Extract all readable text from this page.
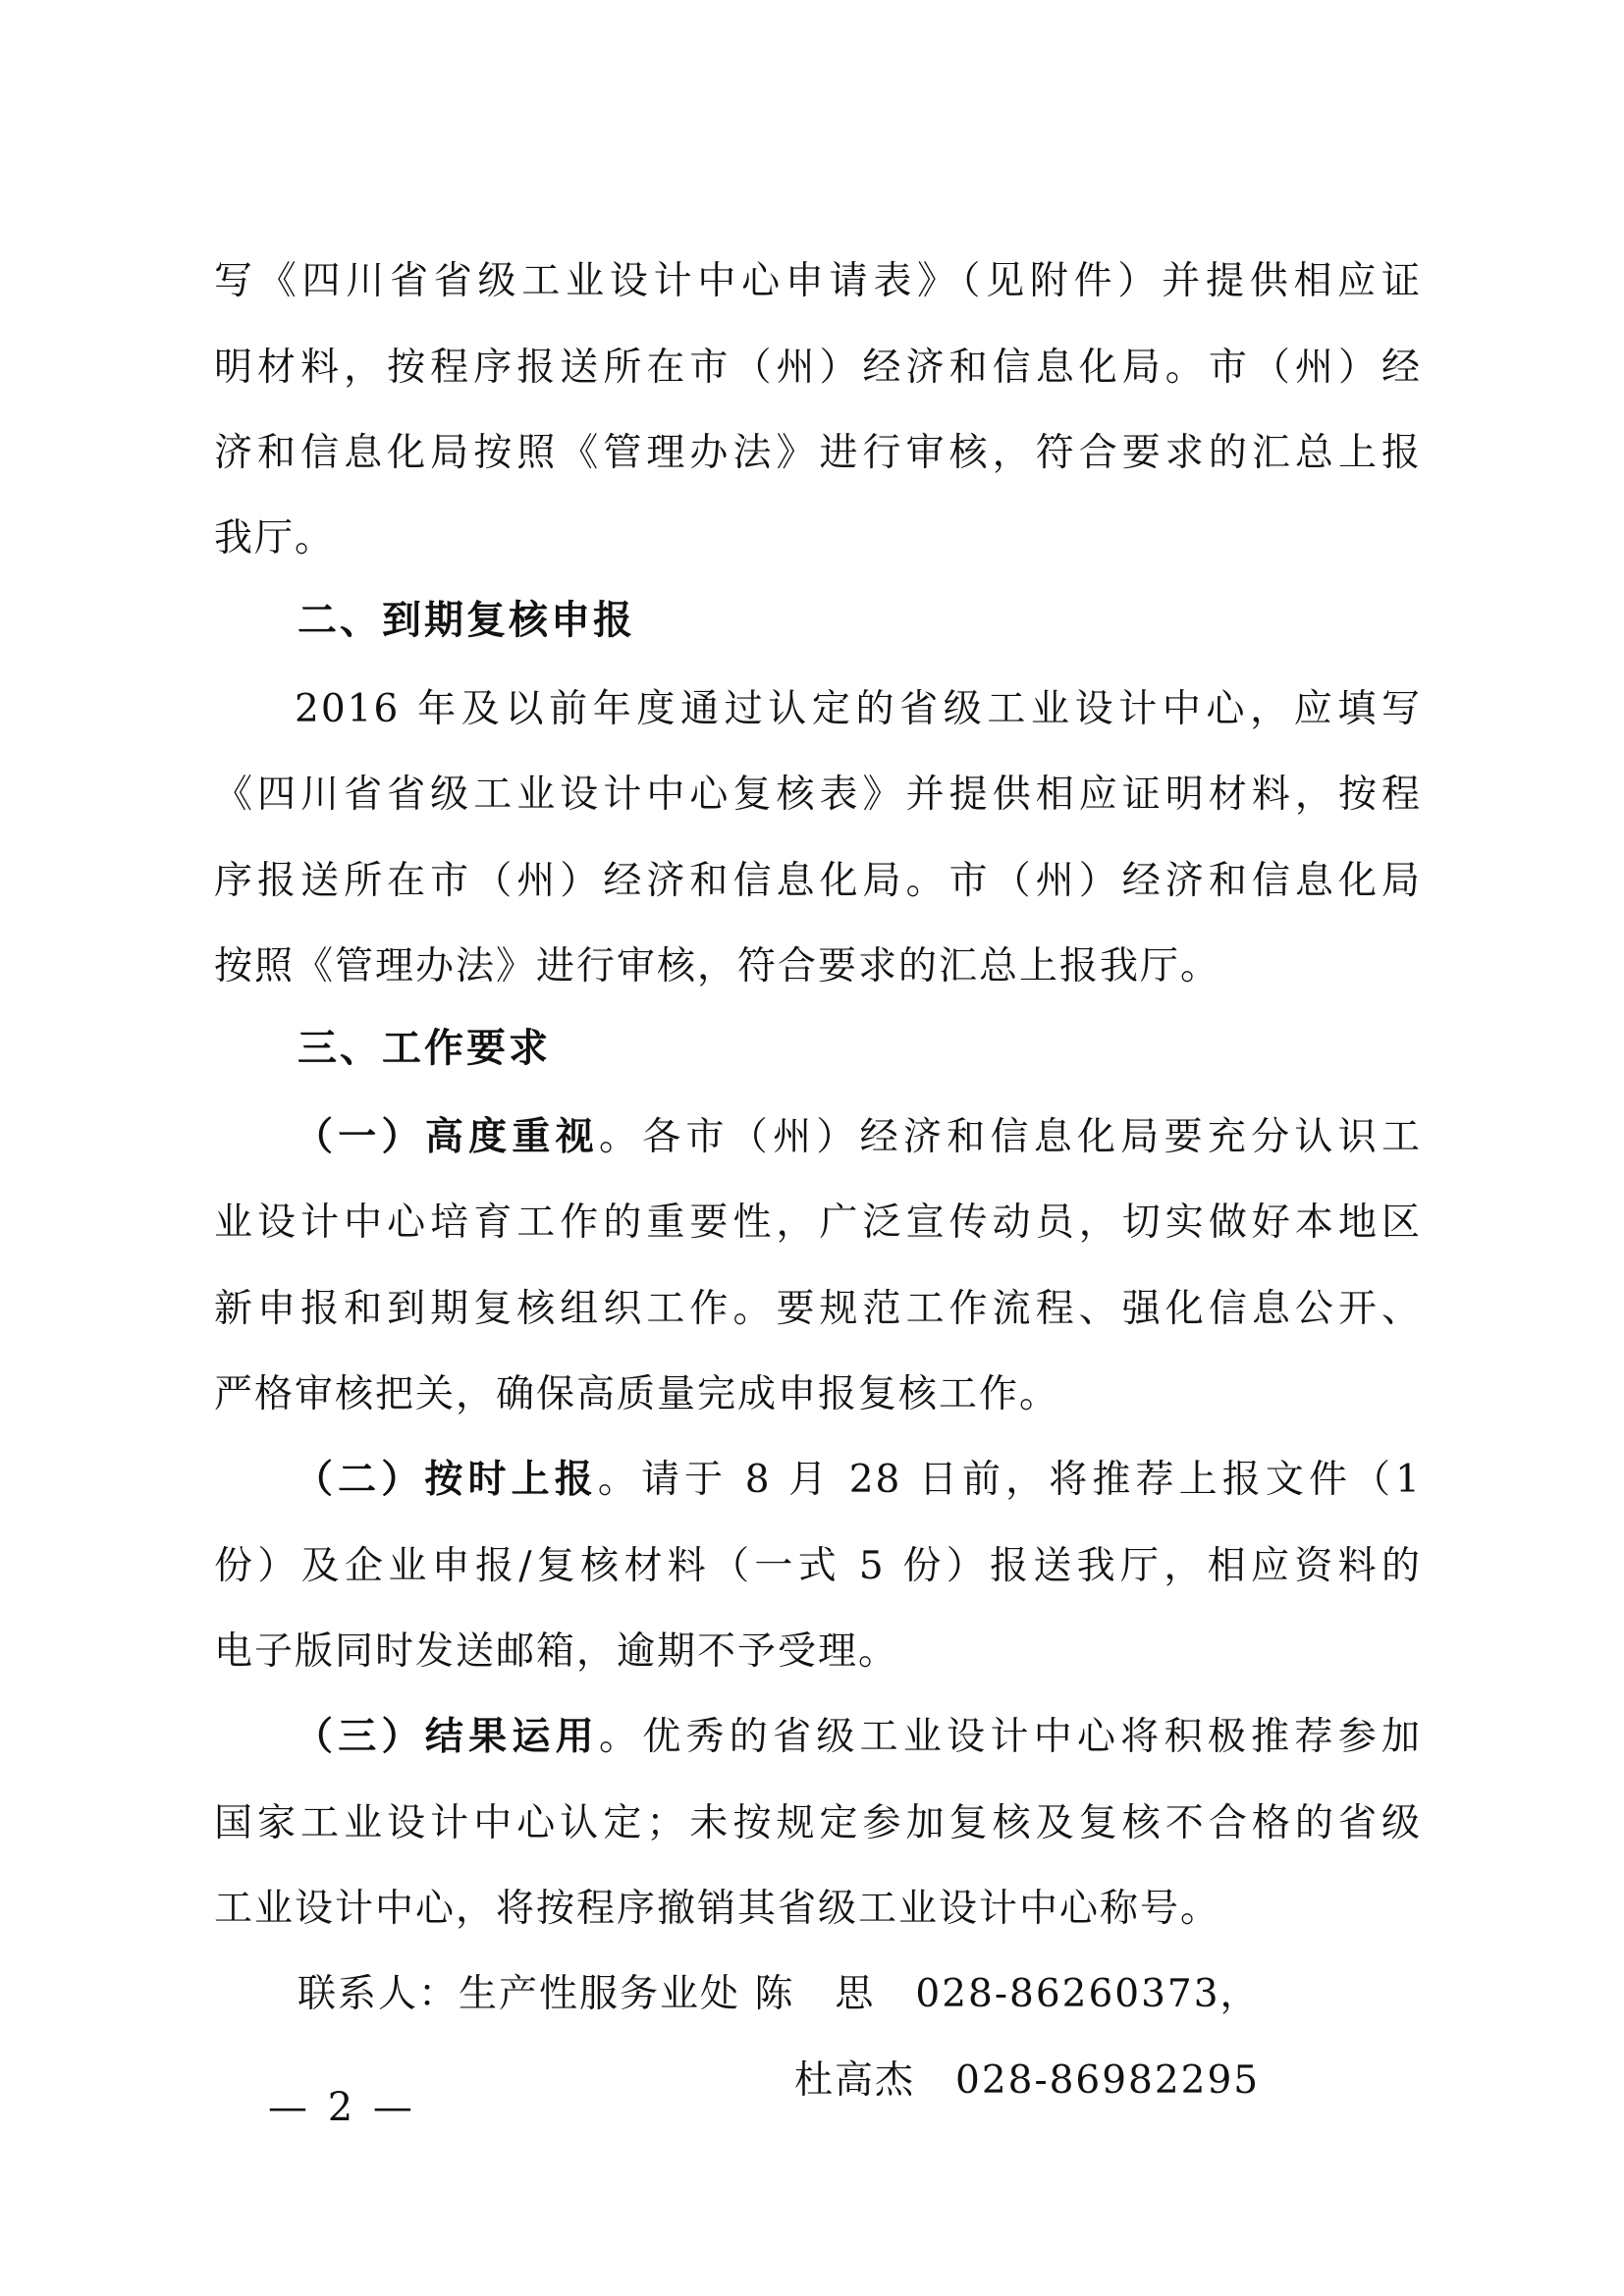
写《四川省省级工业设计中心申请表》（见附件）并提供相应证
明材料，按程序报送所在市（州）经济和信息化局。市（州）经
济和信息化局按照《管理办法》进行审核，符合要求的汇总上报
我厅。
二、到期复核申报
2016 年及以前年度通过认定的省级工业设计中心，应填写
《四川省省级工业设计中心复核表》并提供相应证明材料，按程
序报送所在市（州）经济和信息化局。市（州）经济和信息化局
按照《管理办法》进行审核，符合要求的汇总上报我厅。
三、工作要求
（一）高度重视。各市（州）经济和信息化局要充分认识工
业设计中心培育工作的重要性，广泛宣传动员，切实做好本地区
新申报和到期复核组织工作。要规范工作流程、强化信息公开、
严格审核把关，确保高质量完成申报复核工作。
（二）按时上报。请于 8 月 28 日前，将推荐上报文件（1
份）及企业申报/复核材料（一式 5 份）报送我厅，相应资料的
电子版同时发送邮箱，逾期不予受理。
（三）结果运用。优秀的省级工业设计中心将积极推荐参加
国家工业设计中心认定；未按规定参加复核及复核不合格的省级
工业设计中心，将按程序撤销其省级工业设计中心称号。
联系人：生产性服务业处 陈　思　028-86260373，
杜高杰　028-86982295
— 2 —
